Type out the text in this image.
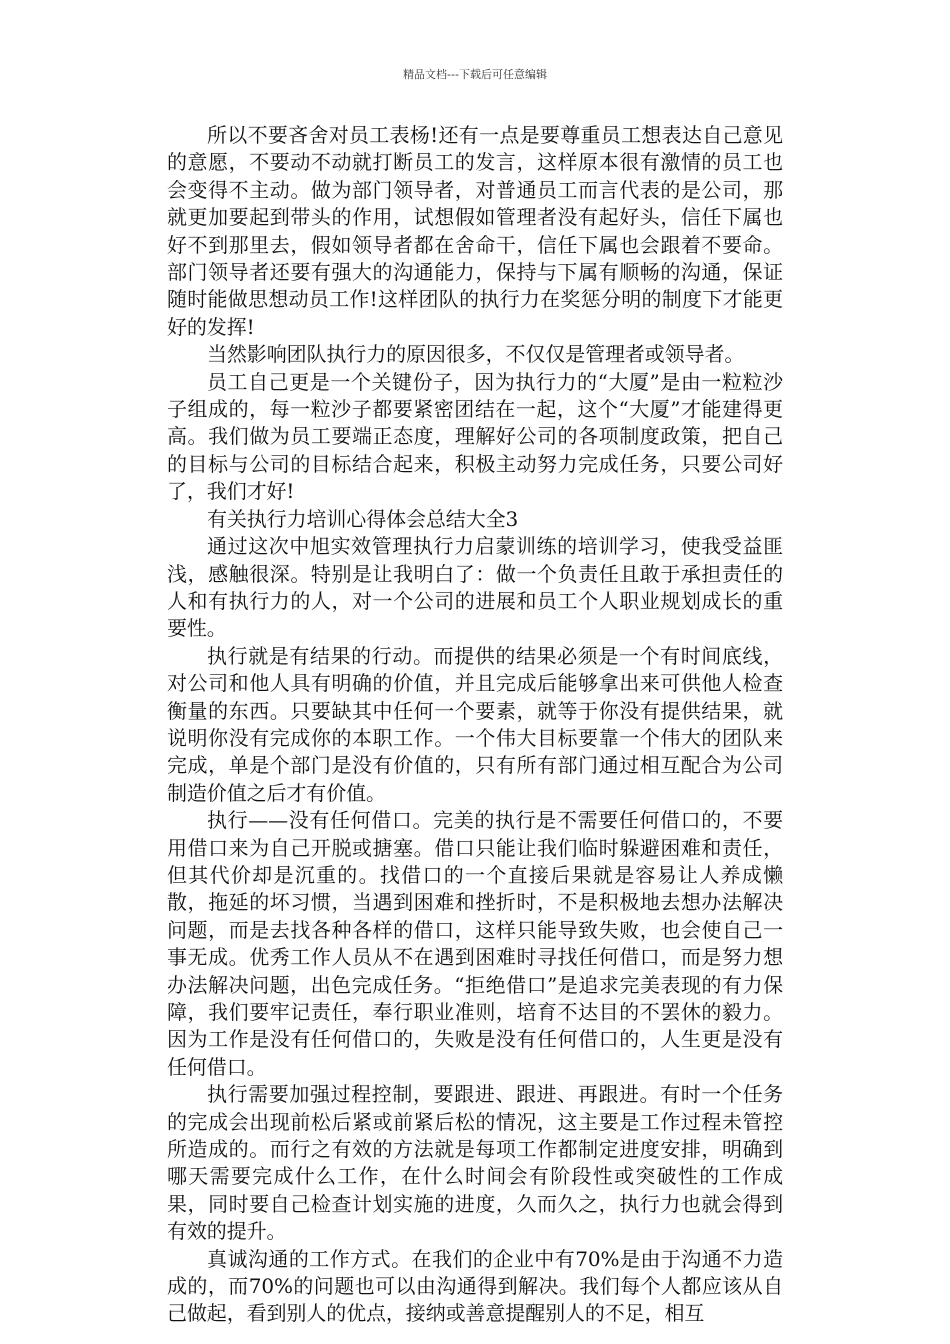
精品文档---下载后可任意编辑

所以不要吝舍对员工表杨!还有一点是要尊重员工想表达自己意见的意愿，不要动不动就打断员工的发言，这样原本很有激情的员工也会变得不主动。做为部门领导者，对普通员工而言代表的是公司，那就更加要起到带头的作用，试想假如管理者没有起好头，信任下属也好不到那里去，假如领导者都在舍命干，信任下属也会跟着不要命。部门领导者还要有强大的沟通能力，保持与下属有顺畅的沟通，保证随时能做思想动员工作!这样团队的执行力在奖惩分明的制度下才能更好的发挥!

当然影响团队执行力的原因很多，不仅仅是管理者或领导者。

员工自己更是一个关键份子，因为执行力的“大厦”是由一粒粒沙子组成的，每一粒沙子都要紧密团结在一起，这个“大厦”才能建得更高。我们做为员工要端正态度，理解好公司的各项制度政策，把自己的目标与公司的目标结合起来，积极主动努力完成任务，只要公司好了，我们才好!

有关执行力培训心得体会总结大全3

通过这次中旭实效管理执行力启蒙训练的培训学习，使我受益匪浅，感触很深。特别是让我明白了：做一个负责任且敢于承担责任的人和有执行力的人，对一个公司的进展和员工个人职业规划成长的重要性。

执行就是有结果的行动。而提供的结果必须是一个有时间底线，对公司和他人具有明确的价值，并且完成后能够拿出来可供他人检查衡量的东西。只要缺其中任何一个要素，就等于你没有提供结果，就说明你没有完成你的本职工作。一个伟大目标要靠一个伟大的团队来完成，单是个部门是没有价值的，只有所有部门通过相互配合为公司制造价值之后才有价值。

执行——没有任何借口。完美的执行是不需要任何借口的，不要用借口来为自己开脱或搪塞。借口只能让我们临时躲避困难和责任，但其代价却是沉重的。找借口的一个直接后果就是容易让人养成懒散，拖延的坏习惯，当遇到困难和挫折时，不是积极地去想办法解决问题，而是去找各种各样的借口，这样只能导致失败，也会使自己一事无成。优秀工作人员从不在遇到困难时寻找任何借口，而是努力想办法解决问题，出色完成任务。“拒绝借口”是追求完美表现的有力保障，我们要牢记责任，奉行职业准则，培育不达目的不罢休的毅力。因为工作是没有任何借口的，失败是没有任何借口的，人生更是没有任何借口。

执行需要加强过程控制，要跟进、跟进、再跟进。有时一个任务的完成会出现前松后紧或前紧后松的情况，这主要是工作过程未管控所造成的。而行之有效的方法就是每项工作都制定进度安排，明确到哪天需要完成什么工作，在什么时间会有阶段性或突破性的工作成果，同时要自己检查计划实施的进度，久而久之，执行力也就会得到有效的提升。

真诚沟通的工作方式。在我们的企业中有70%是由于沟通不力造成的，而70%的问题也可以由沟通得到解决。我们每个人都应该从自己做起，看到别人的优点，接纳或善意提醒别人的不足，相互
